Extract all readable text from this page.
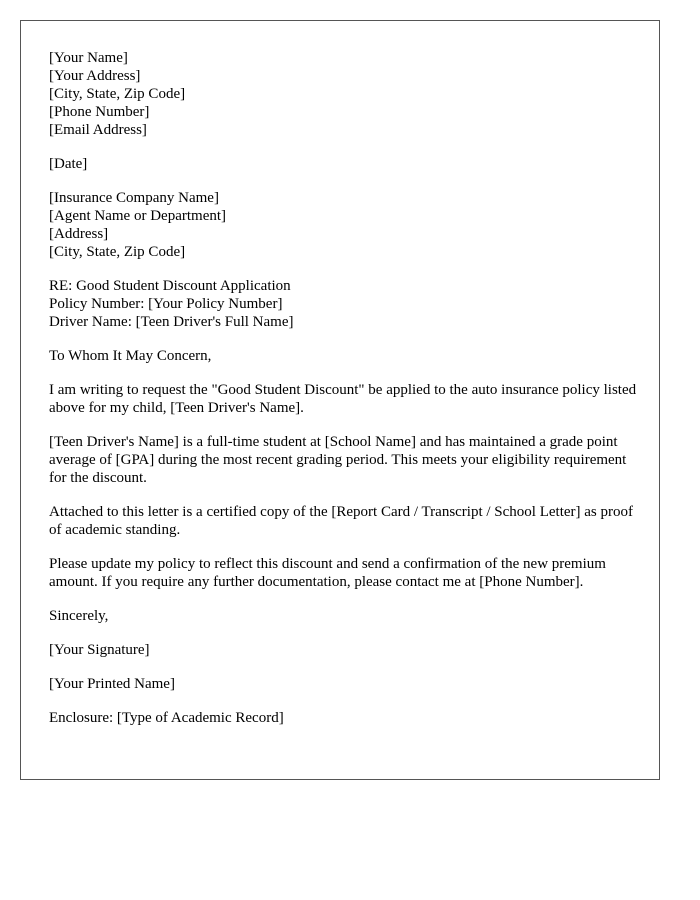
[Your Name]
[Your Address]
[City, State, Zip Code]
[Phone Number]
[Email Address]
[Date]
[Insurance Company Name]
[Agent Name or Department]
[Address]
[City, State, Zip Code]
RE: Good Student Discount Application
Policy Number: [Your Policy Number]
Driver Name: [Teen Driver's Full Name]

To Whom It May Concern,

I am writing to request the "Good Student Discount" be applied to the auto insurance policy listed above for my child, [Teen Driver's Name].

[Teen Driver's Name] is a full-time student at [School Name] and has maintained a grade point average of [GPA] during the most recent grading period. This meets your eligibility requirement for the discount.

Attached to this letter is a certified copy of the [Report Card / Transcript / School Letter] as proof of academic standing.

Please update my policy to reflect this discount and send a confirmation of the new premium amount. If you require any further documentation, please contact me at [Phone Number].

Sincerely,

[Your Signature]

[Your Printed Name]

Enclosure: [Type of Academic Record]
